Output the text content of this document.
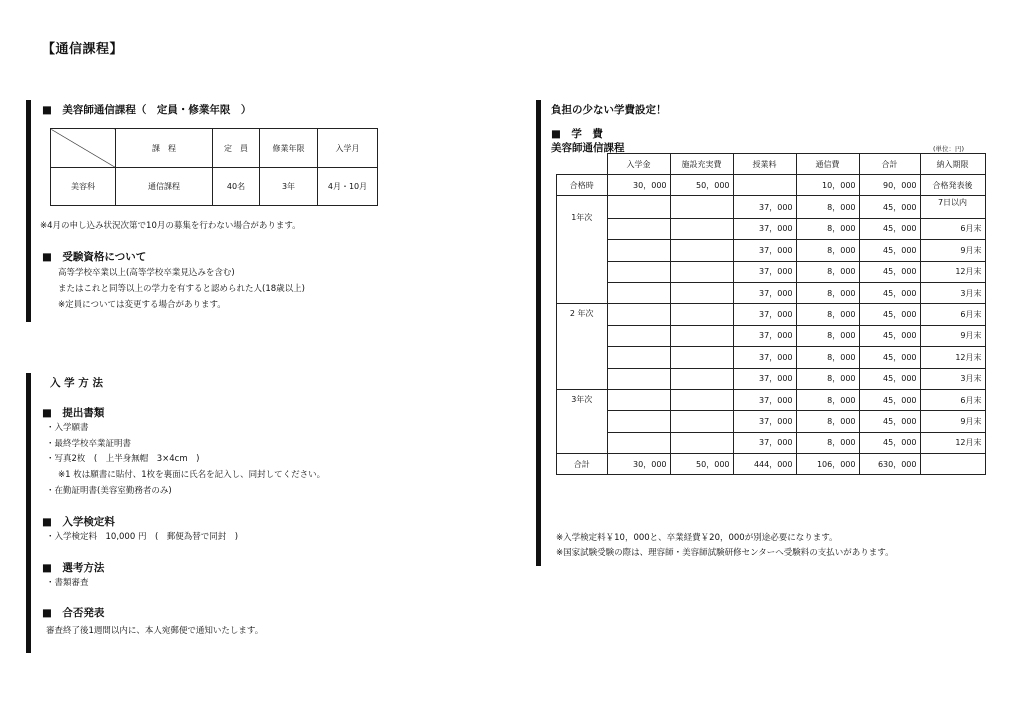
【通信課程】
■　美容師通信課程（　定員・修業年限　）
	課　程	定　員	修業年限	入学月
美容科	通信課程	40名	3年	4月・10月
※4月の申し込み状況次第で10月の募集を行わない場合があります。
■　受験資格について
高等学校卒業以上(高等学校卒業見込みを含む)
またはこれと同等以上の学力を有すると認められた人(18歳以上)
※定員については変更する場合があります。
入 学 方 法
■　提出書類
・入学願書
・最終学校卒業証明書
・写真2枚　(　上半身無帽　3×4cm　)
※1 枚は願書に貼付、1枚を裏面に氏名を記入し、同封してください。
・在勤証明書(美容室勤務者のみ)
■　入学検定料
・入学検定料　10,000 円　(　郵便為替で同封　)
■　選考方法
・書類審査
■　合否発表
審査終了後1週間以内に、本人宛郵便で通知いたします。
負担の少ない学費設定！
■　学　費
美容師通信課程	(単位：円)
	入学金	施設充実費	授業料	通信費	合計	納入期限
合格時	30，000	50，000		10，000	90，000	合格発表後
1年次			37，000	8，000	45，000	7日以内
			37，000	8，000	45，000	6月末
			37，000	8，000	45，000	9月末
			37，000	8，000	45，000	12月末
			37，000	8，000	45，000	3月末
2 年次			37，000	8，000	45，000	6月末
			37，000	8，000	45，000	9月末
			37，000	8，000	45，000	12月末
			37，000	8，000	45，000	3月末
3年次			37，000	8，000	45，000	6月末
			37，000	8，000	45，000	9月末
			37，000	8，000	45，000	12月末
合計	30，000	50，000	444，000	106，000	630，000	
※入学検定料￥10，000と、卒業経費￥20，000が別途必要になります。
※国家試験受験の際は、理容師・美容師試験研修センターへ受験料の支払いがあります。
